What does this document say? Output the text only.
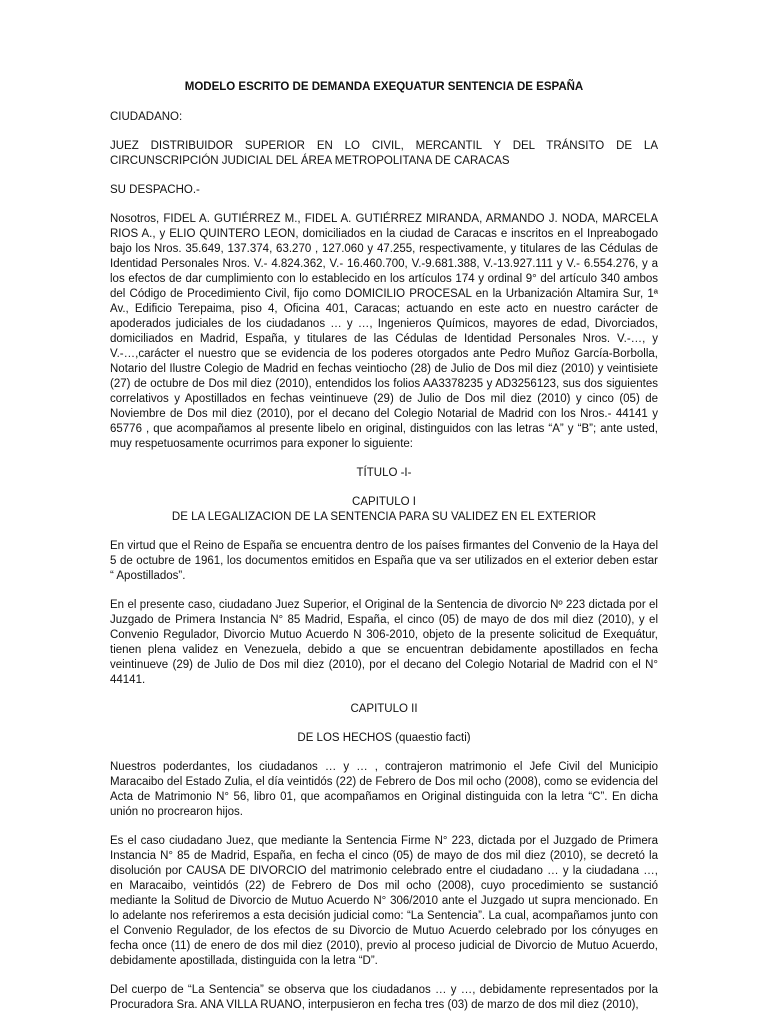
MODELO ESCRITO DE DEMANDA EXEQUATUR SENTENCIA DE ESPAÑA

CIUDADANO:

JUEZ DISTRIBUIDOR SUPERIOR EN LO CIVIL, MERCANTIL Y DEL TRÁNSITO DE LA CIRCUNSCRIPCIÓN JUDICIAL DEL ÁREA METROPOLITANA DE CARACAS

SU DESPACHO.-

Nosotros, FIDEL A. GUTIÉRREZ M., FIDEL A. GUTIÉRREZ MIRANDA, ARMANDO J. NODA, MARCELA RIOS A., y ELIO QUINTERO LEON, domiciliados en la ciudad de Caracas e inscritos en el Inpreabogado bajo los Nros. 35.649, 137.374, 63.270 , 127.060 y 47.255, respectivamente, y titulares de las Cédulas de Identidad Personales Nros. V.- 4.824.362, V.- 16.460.700, V.-9.681.388, V.-13.927.111 y V.- 6.554.276, y a los efectos de dar cumplimiento con lo establecido en los artículos 174 y ordinal 9° del artículo 340 ambos del Código de Procedimiento Civil, fijo como DOMICILIO PROCESAL en la Urbanización Altamira Sur, 1ª Av., Edificio Terepaima, piso 4, Oficina 401, Caracas; actuando en este acto en nuestro carácter de apoderados judiciales de los ciudadanos … y …, Ingenieros Químicos, mayores de edad, Divorciados, domiciliados en Madrid, España, y titulares de las Cédulas de Identidad Personales Nros. V.-…, y V.-…,carácter el nuestro que se evidencia de los poderes otorgados ante Pedro Muñoz García-Borbolla, Notario del Ilustre Colegio de Madrid en fechas veintiocho (28) de Julio de Dos mil diez (2010) y veintisiete (27) de octubre de Dos mil diez (2010), entendidos los folios AA3378235 y AD3256123, sus dos siguientes correlativos y Apostillados en fechas veintinueve (29) de Julio de Dos mil diez (2010) y cinco (05) de Noviembre de Dos mil diez (2010), por el decano del Colegio Notarial de Madrid con los Nros.- 44141 y 65776 , que acompañamos al presente libelo en original, distinguidos con las letras “A” y “B”; ante usted, muy respetuosamente ocurrimos para exponer lo siguiente:

TÍTULO -I-

CAPITULO I

DE LA LEGALIZACION DE LA SENTENCIA PARA SU VALIDEZ EN EL EXTERIOR

En virtud que el Reino de España se encuentra dentro de los países firmantes del Convenio de la Haya del 5 de octubre de 1961, los documentos emitidos en España que va ser utilizados en el exterior deben estar “ Apostillados”.

En el presente caso, ciudadano Juez Superior, el Original de la Sentencia de divorcio Nº 223 dictada por el Juzgado de Primera Instancia N° 85 Madrid, España, el cinco (05) de mayo de dos mil diez (2010), y el Convenio Regulador, Divorcio Mutuo Acuerdo N 306-2010, objeto de la presente solicitud de Exequátur, tienen plena validez en Venezuela, debido a que se encuentran debidamente apostillados en fecha veintinueve (29) de Julio de Dos mil diez (2010), por el decano del Colegio Notarial de Madrid con el N° 44141.

CAPITULO II

DE LOS HECHOS (quaestio facti)

Nuestros poderdantes, los ciudadanos … y … , contrajeron matrimonio el Jefe Civil del Municipio Maracaibo del Estado Zulia, el día veintidós (22) de Febrero de Dos mil ocho (2008), como se evidencia del Acta de Matrimonio N° 56, libro 01, que acompañamos en Original distinguida con la letra “C”. En dicha unión no procrearon hijos.

Es el caso ciudadano Juez, que mediante la Sentencia Firme N° 223, dictada por el Juzgado de Primera Instancia N° 85 de Madrid, España, en fecha el cinco (05) de mayo de dos mil diez (2010), se decretó la disolución por CAUSA DE DIVORCIO del matrimonio celebrado entre el ciudadano … y la ciudadana …, en Maracaibo, veintidós (22) de Febrero de Dos mil ocho (2008), cuyo procedimiento se sustanció mediante la Solitud de Divorcio de Mutuo Acuerdo N° 306/2010 ante el Juzgado ut supra mencionado. En lo adelante nos referiremos a esta decisión judicial como: “La Sentencia”. La cual, acompañamos junto con el Convenio Regulador, de los efectos de su Divorcio de Mutuo Acuerdo celebrado por los cónyuges en fecha once (11) de enero de dos mil diez (2010), previo al proceso judicial de Divorcio de Mutuo Acuerdo, debidamente apostillada, distinguida con la letra “D”.

Del cuerpo de “La Sentencia” se observa que los ciudadanos … y …, debidamente representados por la Procuradora Sra. ANA VILLA RUANO, interpusieron en fecha tres (03) de marzo de dos mil diez (2010),
